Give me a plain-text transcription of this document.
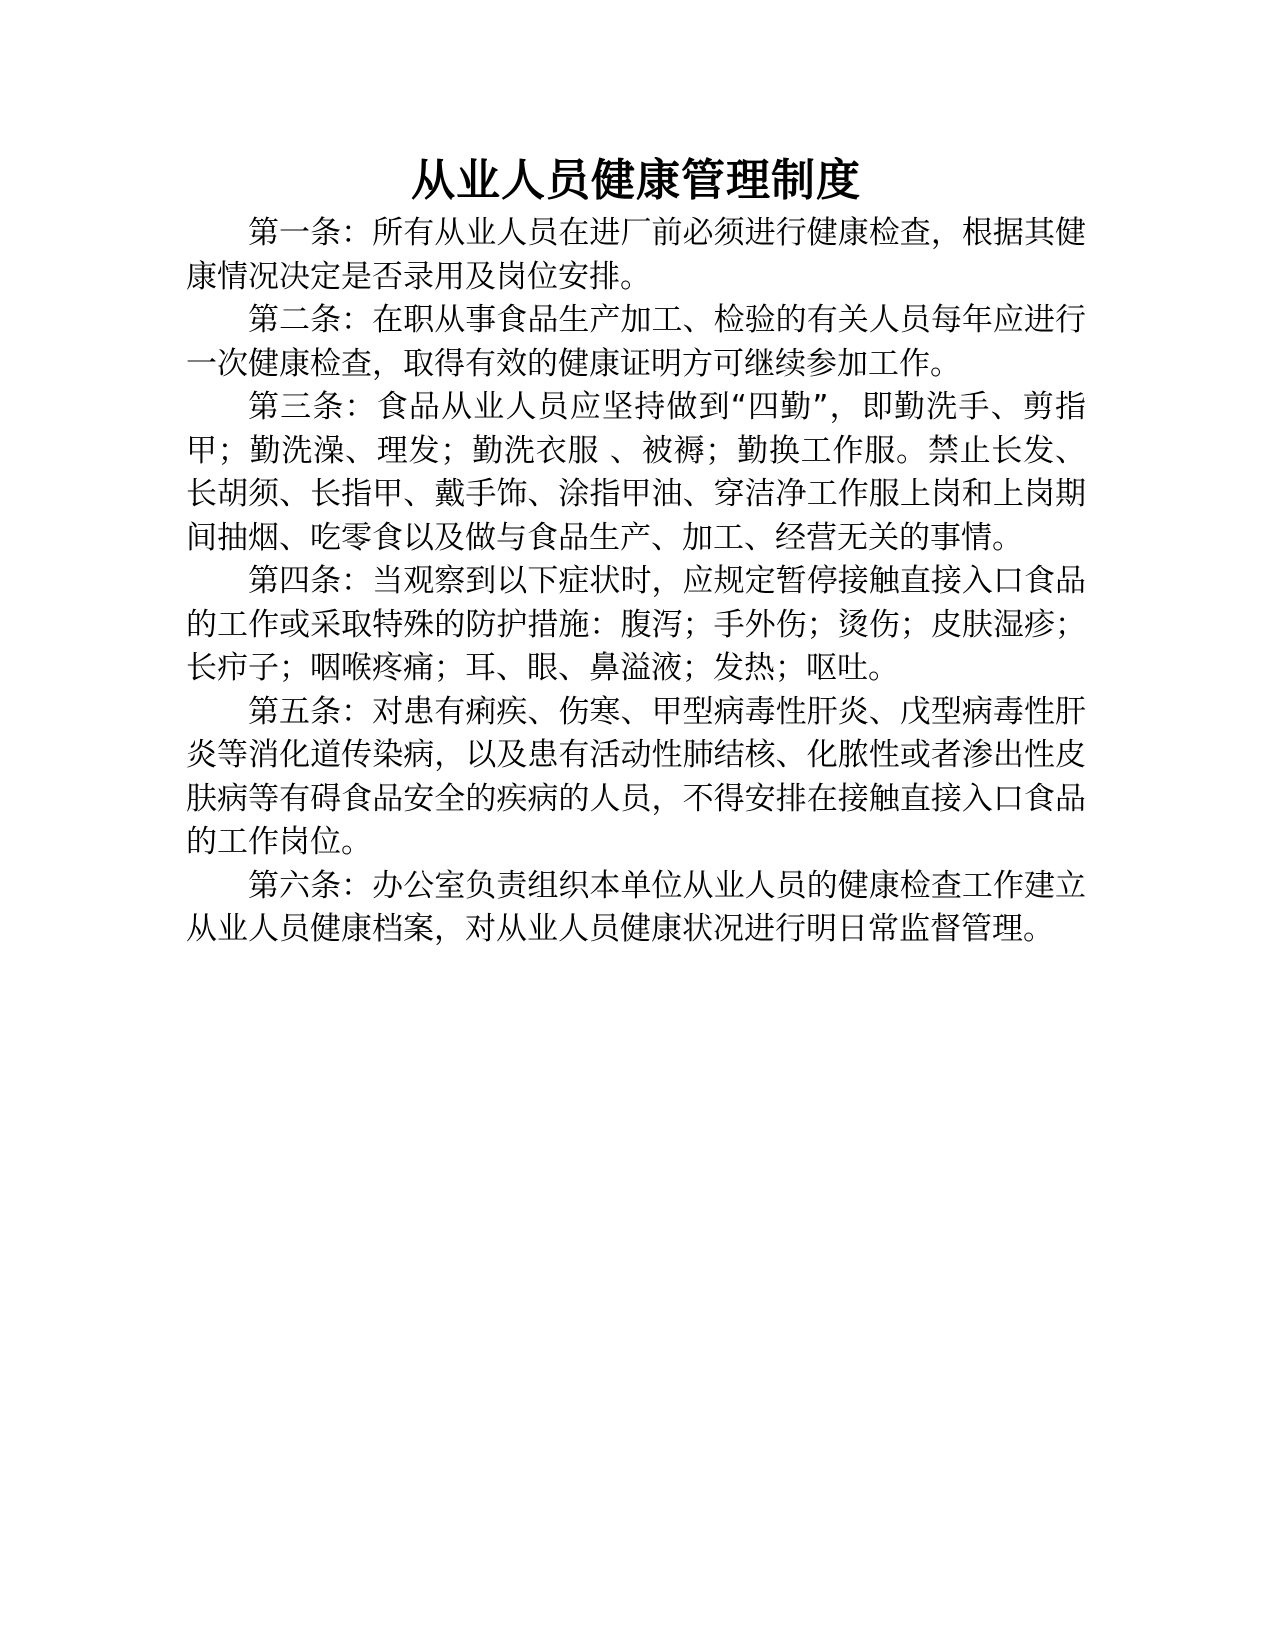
从业人员健康管理制度

第一条：所有从业人员在进厂前必须进行健康检查，根据其健康情况决定是否录用及岗位安排。

第二条：在职从事食品生产加工、检验的有关人员每年应进行一次健康检查，取得有效的健康证明方可继续参加工作。

第三条：食品从业人员应坚持做到“四勤”，即勤洗手、剪指甲；勤洗澡、理发；勤洗衣服 、被褥；勤换工作服。禁止长发、长胡须、长指甲、戴手饰、涂指甲油、穿洁净工作服上岗和上岗期间抽烟、吃零食以及做与食品生产、加工、经营无关的事情。

第四条：当观察到以下症状时，应规定暂停接触直接入口食品的工作或采取特殊的防护措施：腹泻；手外伤；烫伤；皮肤湿疹；长疖子；咽喉疼痛；耳、眼、鼻溢液；发热；呕吐。

第五条：对患有痢疾、伤寒、甲型病毒性肝炎、戊型病毒性肝炎等消化道传染病，以及患有活动性肺结核、化脓性或者渗出性皮肤病等有碍食品安全的疾病的人员，不得安排在接触直接入口食品的工作岗位。

第六条：办公室负责组织本单位从业人员的健康检查工作建立从业人员健康档案，对从业人员健康状况进行明日常监督管理。
